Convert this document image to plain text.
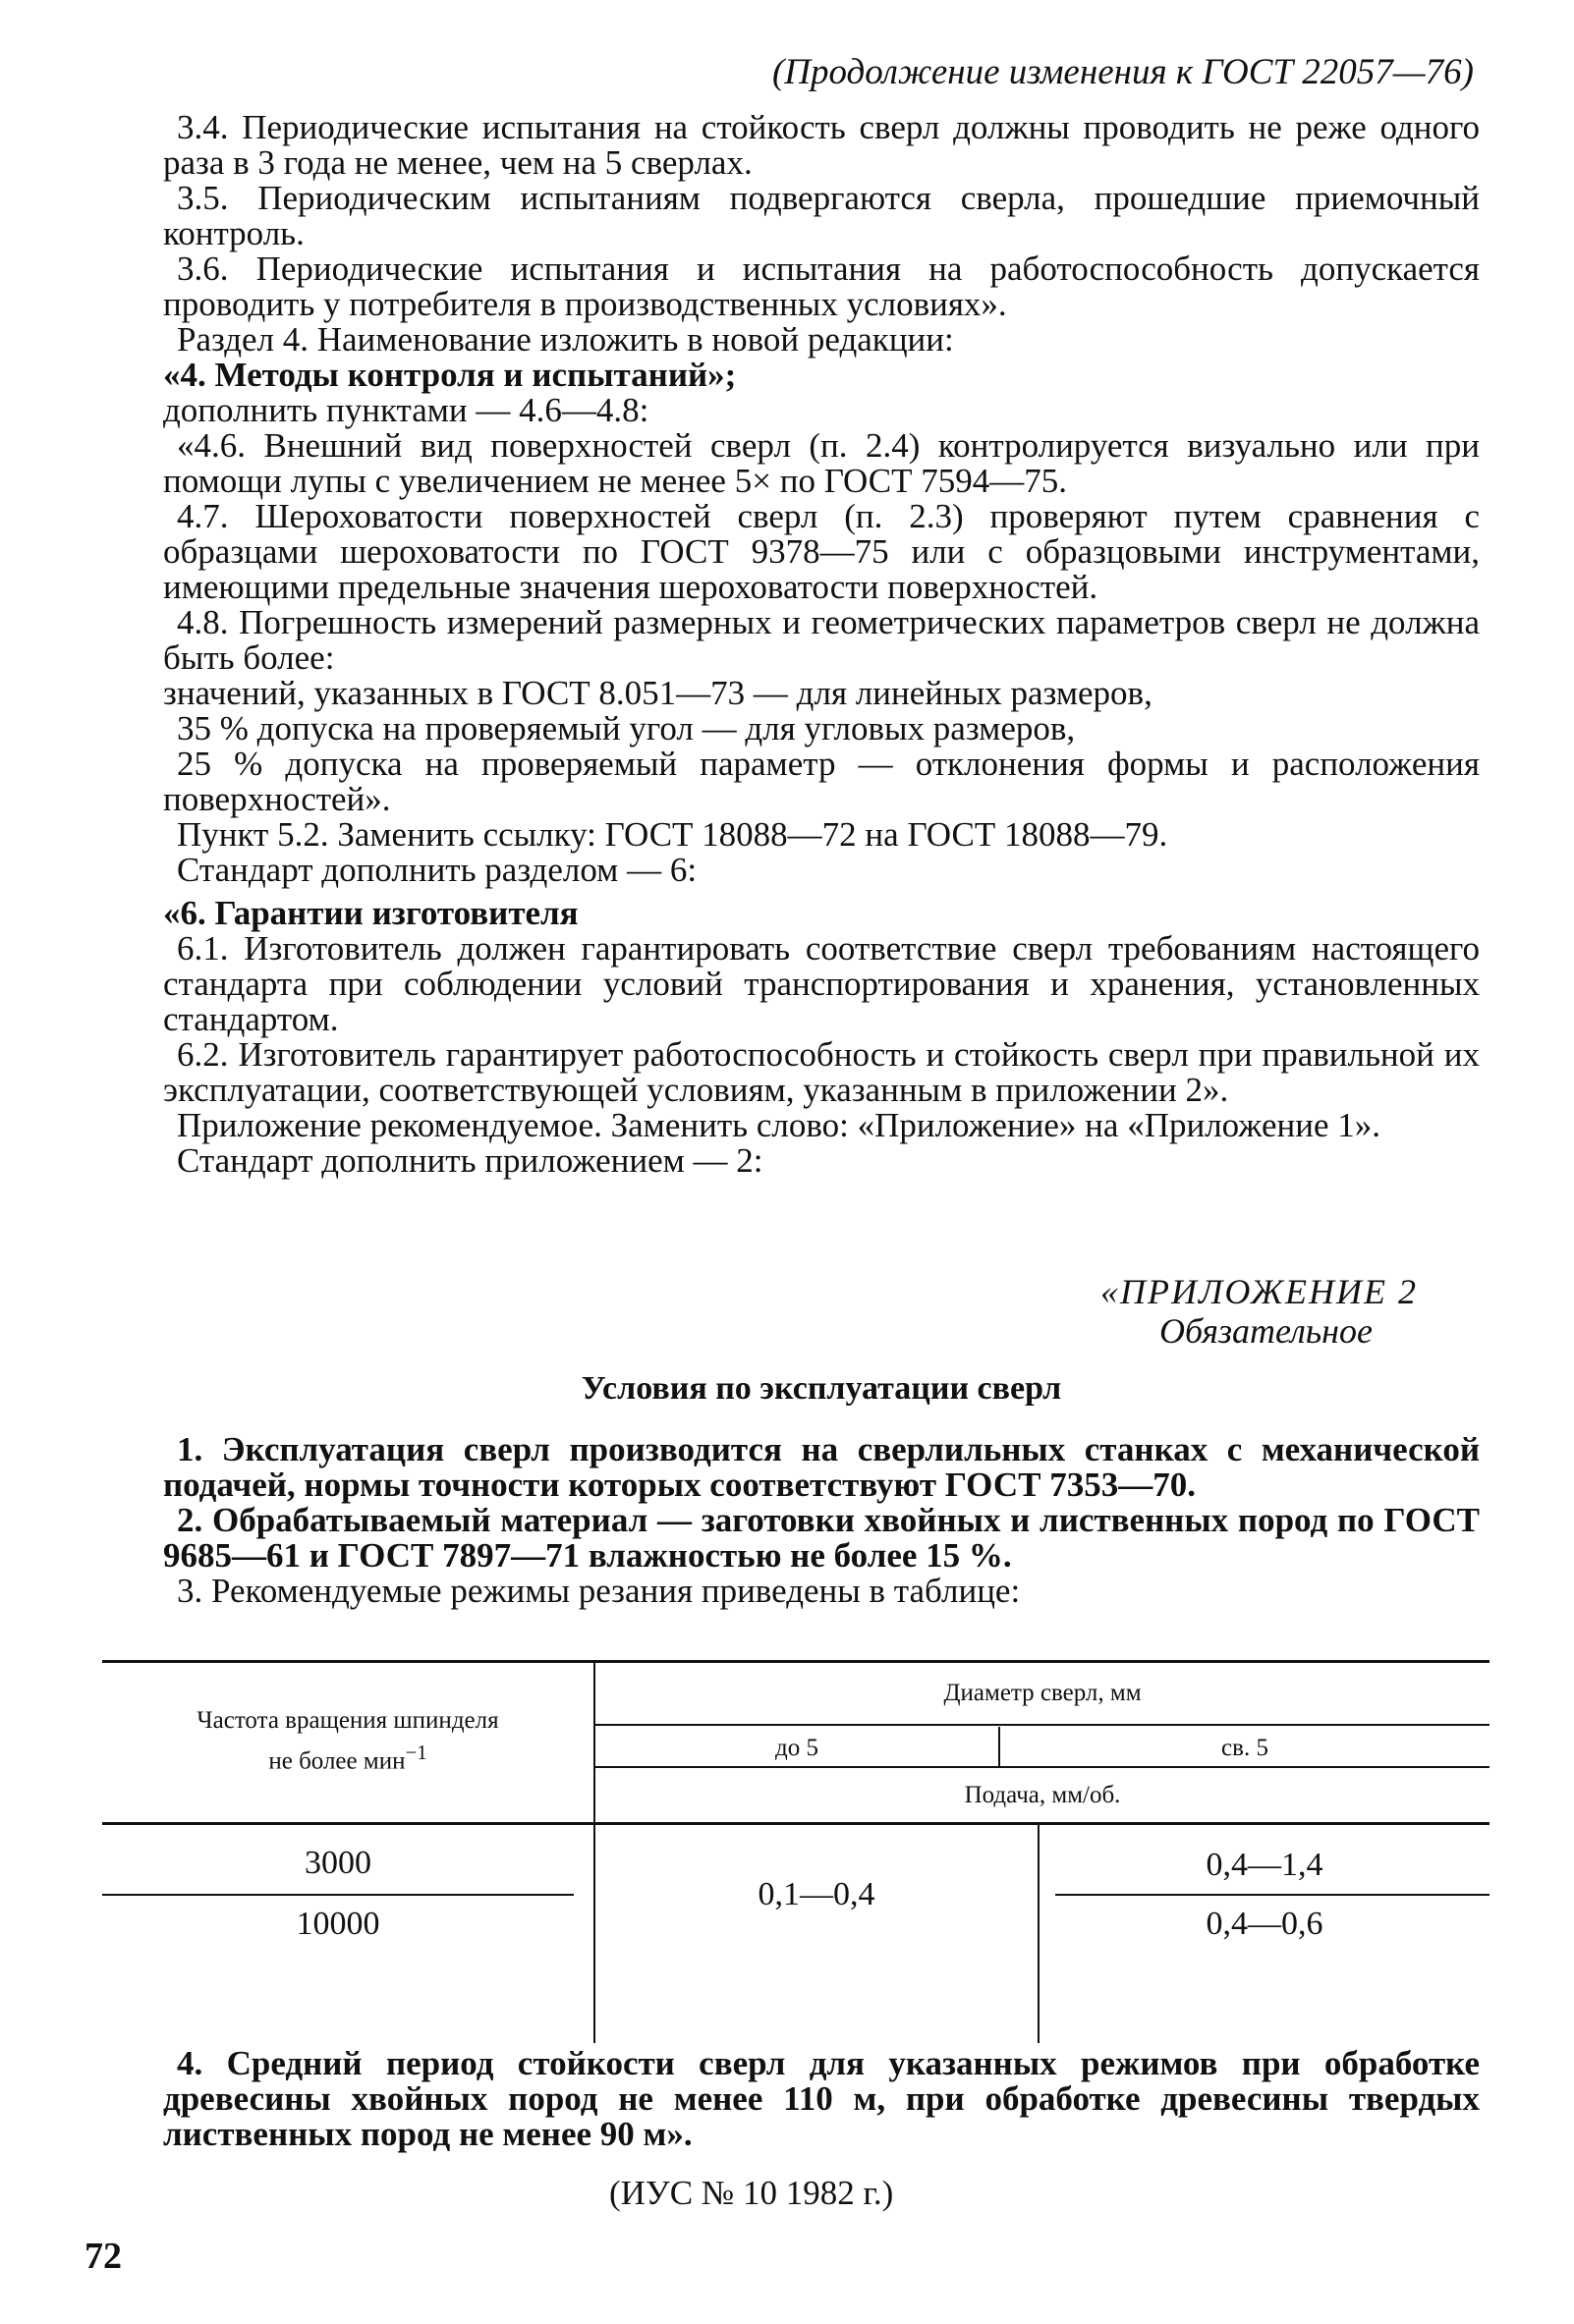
(Продолжение изменения к ГОСТ 22057—76)

3.4. Периодические испытания на стойкость сверл должны проводить не реже одного раза в 3 года не менее, чем на 5 сверлах.

3.5. Периодическим испытаниям подвергаются сверла, прошедшие приемочный контроль.

3.6. Периодические испытания и испытания на работоспособность допускается проводить у потребителя в производственных условиях».

Раздел 4. Наименование изложить в новой редакции:

«4. Методы контроля и испытаний»;

дополнить пунктами — 4.6—4.8:

«4.6. Внешний вид поверхностей сверл (п. 2.4) контролируется визуально или при помощи лупы с увеличением не менее 5× по ГОСТ 7594—75.

4.7. Шероховатости поверхностей сверл (п. 2.3) проверяют путем сравнения с образцами шероховатости по ГОСТ 9378—75 или с образцовыми инструментами, имеющими предельные значения шероховатости поверхностей.

4.8. Погрешность измерений размерных и геометрических параметров сверл не должна быть более:

значений, указанных в ГОСТ 8.051—73 — для линейных размеров,

35 % допуска на проверяемый угол — для угловых размеров,

25 % допуска на проверяемый параметр — отклонения формы и расположения поверхностей».

Пункт 5.2. Заменить ссылку: ГОСТ 18088—72 на ГОСТ 18088—79.

Стандарт дополнить разделом — 6:

«6. Гарантии изготовителя

6.1. Изготовитель должен гарантировать соответствие сверл требованиям настоящего стандарта при соблюдении условий транспортирования и хранения, установленных стандартом.

6.2. Изготовитель гарантирует работоспособность и стойкость сверл при правильной их эксплуатации, соответствующей условиям, указанным в приложении 2».

Приложение рекомендуемое. Заменить слово: «Приложение» на «Приложение 1».

Стандарт дополнить приложением — 2:

«ПРИЛОЖЕНИЕ 2
Обязательное
Условия по эксплуатации сверл

1. Эксплуатация сверл производится на сверлильных станках с механической подачей, нормы точности которых соответствуют ГОСТ 7353—70.

2. Обрабатываемый материал — заготовки хвойных и лиственных пород по ГОСТ 9685—61 и ГОСТ 7897—71 влажностью не более 15 %.

3. Рекомендуемые режимы резания приведены в таблице:

Частота вращения шпинделя
не более мин$^{-1}$
Диаметр сверл, мм
до 5	св. 5
Подача, мм/об.
3000
10000
0,1—0,4
0,4—1,4
0,4—0,6

4. Средний период стойкости сверл для указанных режимов при обработке древесины хвойных пород не менее 110 м, при обработке древесины твердых лиственных пород не менее 90 м».

(ИУС № 10 1982 г.)
72
